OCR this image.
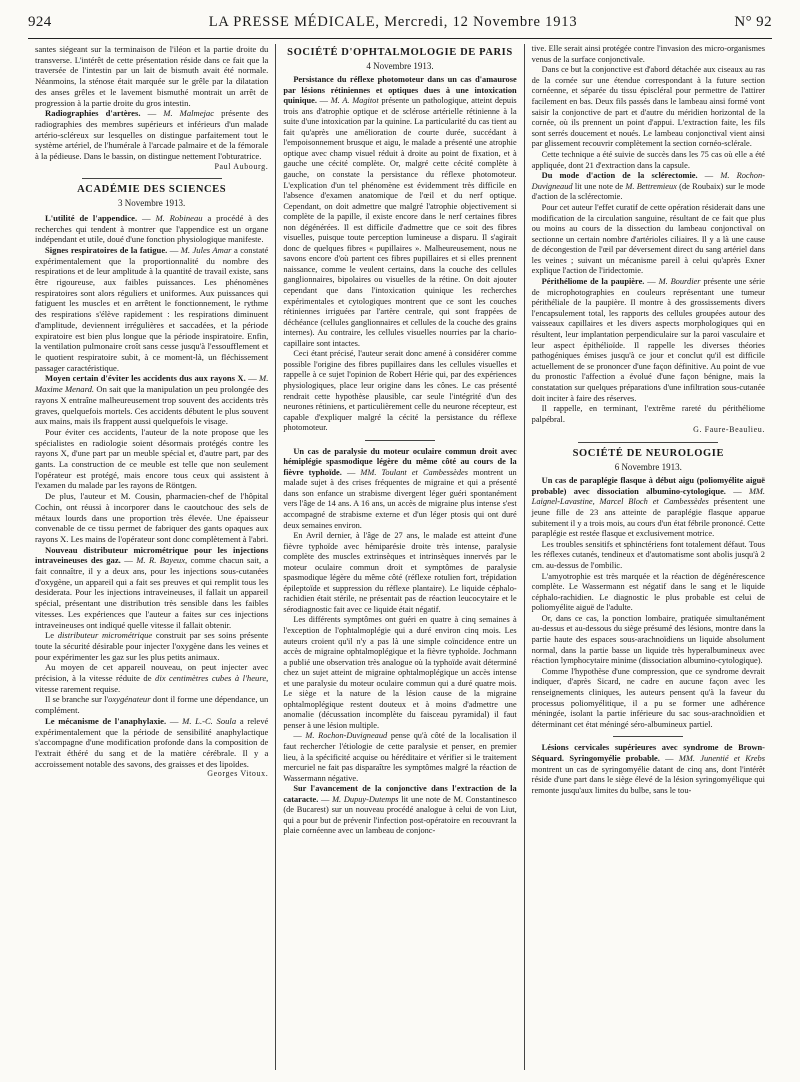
924	LA PRESSE MÉDICALE, Mercredi, 12 Novembre 1913	N° 92

santes siégeant sur la terminaison de l'iléon et la partie droite du transverse. L'intérêt de cette présentation réside dans ce fait que la traversée de l'intestin par un lait de bismuth avait été normale. Néanmoins, la sténose était marquée sur le grêle par la dilatation des anses grêles et le lavement bismuthé montrait un arrêt de progression à la partie droite du gros intestin.

Radiographies d'artères. — M. Malmejac présente des radiographies des membres supérieurs et inférieurs d'un malade artério-scléreux sur lesquelles on distingue parfaitement tout le système artériel, de l'humérale à l'arcade palmaire et de la fémorale à la pédieuse. Dans le bassin, on distingue nettement l'obturatrice.

Paul Aubourg.

ACADÉMIE DES SCIENCES
3 Novembre 1913.

L'utilité de l'appendice. — M. Robineau a procédé à des recherches qui tendent à montrer que l'appendice est un organe indépendant et utile, doué d'une fonction physiologique manifeste.

Signes respiratoires de la fatigue. — M. Jules Amar a constaté expérimentalement que la proportionnalité du nombre des respirations et de leur amplitude à la quantité de travail existe, sans être rigoureuse, aux faibles puissances. Les phénomènes respiratoires sont alors réguliers et uniformes. Aux puissances qui fatiguent les muscles et en arrêtent le fonctionnement, le rythme des respirations s'élève rapidement : les respirations diminuent d'amplitude, deviennent irrégulières et saccadées, et la période expiratoire est bien plus longue que la période inspiratoire. Enfin, la ventilation pulmonaire croît sans cesse jusqu'à l'essoufflement et le quotient respiratoire subit, à ce moment-là, un fléchissement passager caractéristique.

Moyen certain d'éviter les accidents dus aux rayons X. — M. Maxime Menard. On sait que la manipulation un peu prolongée des rayons X entraîne malheureusement trop souvent des accidents très graves, quelquefois mortels. Ces accidents débutent le plus souvent aux mains, mais ils frappent aussi quelquefois le visage.

Pour éviter ces accidents, l'auteur de la note propose que les spécialistes en radiologie soient désormais protégés contre les rayons X, d'une part par un meuble spécial et, d'autre part, par des gants. La construction de ce meuble est telle que non seulement l'opérateur est protégé, mais encore tous ceux qui assistent à l'examen du malade par les rayons de Röntgen.

De plus, l'auteur et M. Cousin, pharmacien-chef de l'hôpital Cochin, ont réussi à incorporer dans le caoutchouc des sels de métaux lourds dans une proportion très élevée. Une épaisseur convenable de ce tissu permet de fabriquer des gants opaques aux rayons X. Les mains de l'opérateur sont donc complètement à l'abri.

Nouveau distributeur micrométrique pour les injections intraveineuses des gaz. — M. R. Bayeux, comme chacun sait, a fait connaître, il y a deux ans, pour les injections sous-cutanées d'oxygène, un appareil qui a fait ses preuves et qui remplit tous les desiderata. Pour les injections intraveineuses, il fallait un appareil spécial, présentant une distribution très sensible dans les faibles vitesses. Les expériences que l'auteur a faites sur ces injections intraveineuses ont indiqué quelle vitesse il fallait obtenir.

Le distributeur micrométrique construit par ses soins présente toute la sécurité désirable pour injecter l'oxygène dans les veines et pour expérimenter les gaz sur les plus petits animaux.

Au moyen de cet appareil nouveau, on peut injecter avec précision, à la vitesse réduite de dix centimètres cubes à l'heure, vitesse rarement requise.

Il se branche sur l'oxygénateur dont il forme une dépendance, un complément.

Le mécanisme de l'anaphylaxie. — M. L.-C. Soula a relevé expérimentalement que la période de sensibilité anaphylactique s'accompagne d'une modification profonde dans la composition de l'extrait éthéré du sang et de la matière cérébrale. Il y a accroissement notable des savons, des graisses et des lipoïdes.

Georges Vitoux.

SOCIÉTÉ D'OPHTALMOLOGIE DE PARIS
4 Novembre 1913.

Persistance du réflexe photomoteur dans un cas d'amaurose par lésions rétiniennes et optiques dues à une intoxication quinique. — M. A. Magitot présente un pathologique, atteint depuis trois ans d'atrophie optique et de sclérose artérielle rétinienne à la suite d'une intoxication par la quinine. La particularité du cas tient au fait qu'après une amélioration de courte durée, succédant à l'empoisonnement brusque et aigu, le malade a présenté une atrophie optique avec champ visuel réduit à droite au point de fixation, et à gauche une cécité complète. Or, malgré cette cécité complète à gauche, on constate la persistance du réflexe photomoteur. L'explication d'un tel phénomène est évidemment très difficile en l'absence d'examen anatomique de l'œil et du nerf optique. Cependant, on doit admettre que malgré l'atrophie objectivement si complète de la papille, il existe encore dans le nerf certaines fibres non dégénérées. Il est difficile d'admettre que ce soit des fibres visuelles, puisque toute perception lumineuse a disparu. Il s'agirait donc de quelques fibres « pupillaires ». Malheureusement, nous ne savons encore d'où partent ces fibres pupillaires et si elles prennent naissance, comme le veulent certains, dans la couche des cellules ganglionnaires, bipolaires ou visuelles de la rétine. On doit ajouter cependant que dans l'intoxication quinique les recherches expérimentales et cytologiques montrent que ce sont les couches rétiniennes irriguées par l'artère centrale, qui sont frappées de déchéance (cellules ganglionnaires et cellules de la couche des grains internes). Au contraire, les cellules visuelles nourries par la chario-capillaire sont intactes.

Ceci étant précisé, l'auteur serait donc amené à considérer comme possible l'origine des fibres pupillaires dans les cellules visuelles et rappelle à ce sujet l'opinion de Robert Hérie qui, par des expériences physiologiques, place leur origine dans les cônes. Le cas présenté rendrait cette hypothèse plausible, car seule l'intégrité d'un des neurones rétiniens, et particulièrement celle du neurone récepteur, est capable d'expliquer malgré la cécité la persistance du réflexe photomoteur.

Un cas de paralysie du moteur oculaire commun droit avec hémiplégie spasmodique légère du même côté au cours de la fièvre typhoïde. — MM. Toulant et Cambessèdes montrent un malade sujet à des crises fréquentes de migraine et qui a présenté dans son enfance un strabisme divergent léger guéri spontanément vers l'âge de 14 ans. A 16 ans, un accès de migraine plus intense s'est accompagné de strabisme externe et d'un léger ptosis qui ont duré deux semaines environ.

En Avril dernier, à l'âge de 27 ans, le malade est atteint d'une fièvre typhoïde avec hémiparésie droite très intense, paralysie complète des muscles extrinsèques et intrinsèques innervés par le moteur oculaire commun droit et symptômes de paralysie spasmodique légère du même côté (réflexe rotulien fort, trépidation épileptoïde et suppression du réflexe plantaire). Le liquide céphalo-rachidien était stérile, ne présentait pas de réaction leucocytaire et le sérodiagnostic fait avec ce liquide était négatif.

Les différents symptômes ont guéri en quatre à cinq semaines à l'exception de l'ophtalmoplégie qui a duré environ cinq mois. Les auteurs croient qu'il n'y a pas là une simple coïncidence entre un accès de migraine ophtalmoplégique et la fièvre typhoïde. Jochmann a publié une observation très analogue où la typhoïde avait déterminé chez un sujet atteint de migraine ophtalmoplégique un accès intense et une paralysie du moteur oculaire commun qui a duré quatre mois. Le siège et la nature de la lésion cause de la migraine ophtalmoplégique restent douteux et à moins d'admettre une anomalie (décussation incomplète du faisceau pyramidal) il faut penser à une lésion multiple.

— M. Rochon-Duvigneaud pense qu'à côté de la localisation il faut rechercher l'étiologie de cette paralysie et penser, en premier lieu, à la spécificité acquise ou héréditaire et vérifier si le traitement mercuriel ne fait pas disparaître les symptômes malgré la réaction de Wassermann négative.

Sur l'avancement de la conjonctive dans l'extraction de la cataracte. — M. Dupuy-Dutemps lit une note de M. Constantinesco (de Bucarest) sur un nouveau procédé analogue à celui de von Liut, qui a pour but de prévenir l'infection post-opératoire en recouvrant la plaie cornéenne avec un lambeau de conjonc-

tive. Elle serait ainsi protégée contre l'invasion des micro-organismes venus de la surface conjonctivale.

Dans ce but la conjonctive est d'abord détachée aux ciseaux au ras de la cornée sur une étendue correspondant à la future section cornéenne, et séparée du tissu épiscléral pour permettre de l'attirer facilement en bas. Deux fils passés dans le lambeau ainsi formé vont saisir la conjonctive de part et d'autre du méridien horizontal de la cornée, où ils prennent un point d'appui. L'extraction faite, les fils sont serrés doucement et noués. Le lambeau conjonctival vient ainsi par glissement recouvrir complètement la section cornéo-sclérale.

Cette technique a été suivie de succès dans les 75 cas où elle a été appliquée, dont 21 d'extraction dans la capsule.

Du mode d'action de la sclérectomie. — M. Rochon-Duvigneaud lit une note de M. Bettremieux (de Roubaix) sur le mode d'action de la sclérectomie.

Pour cet auteur l'effet curatif de cette opération résiderait dans une modification de la circulation sanguine, résultant de ce fait que plus ou moins au cours de la dissection du lambeau conjonctival on sectionne un certain nombre d'artérioles ciliaires. Il y a là une cause de décongestion de l'œil par déversement direct du sang artériel dans les veines ; suivant un mécanisme pareil à celui qu'après Exner explique l'action de l'iridectomie.

Périthéliome de la paupière. — M. Bourdier présente une série de microphotographies en couleurs représentant une tumeur périthéliale de la paupière. Il montre à des grossissements divers l'encapsulement total, les rapports des cellules groupées autour des vaisseaux capillaires et les divers aspects morphologiques qui en résultent, leur implantation perpendiculaire sur la paroi vasculaire et leur aspect épithélioïde. Il rappelle les diverses théories pathogéniques émises jusqu'à ce jour et conclut qu'il est difficile actuellement de se prononcer d'une façon définitive. Au point de vue du pronostic l'affection a évolué d'une façon bénigne, mais la constatation sur quelques préparations d'une infiltration sous-cutanée doit inciter à faire des réserves.

Il rappelle, en terminant, l'extrême rareté du périthéliome palpébral.

G. Faure-Beaulieu.

SOCIÉTÉ DE NEUROLOGIE
6 Novembre 1913.

Un cas de paraplégie flasque à début aigu (poliomyélite aiguë probable) avec dissociation albumino-cytologique. — MM. Laignel-Lavastine, Marcel Bloch et Cambessèdes présentent une jeune fille de 23 ans atteinte de paraplégie flasque apparue subitement il y a trois mois, au cours d'un état fébrile prononcé. Cette paraplégie est restée flasque et exclusivement motrice.

Les troubles sensitifs et sphinctériens font totalement défaut. Tous les réflexes cutanés, tendineux et d'automatisme sont abolis jusqu'à 2 cm. au-dessus de l'ombilic.

L'amyotrophie est très marquée et la réaction de dégénérescence complète. Le Wassermann est négatif dans le sang et le liquide céphalo-rachidien. Le diagnostic le plus probable est celui de poliomyélite aiguë de l'adulte.

Or, dans ce cas, la ponction lombaire, pratiquée simultanément au-dessus et au-dessous du siège présumé des lésions, montre dans la partie haute des espaces sous-arachnoïdiens un liquide absolument normal, dans la partie basse un liquide très hyperalbumineux avec réaction lymphocytaire minime (dissociation albumino-cytologique).

Comme l'hypothèse d'une compression, que ce syndrome devrait indiquer, d'après Sicard, ne cadre en aucune façon avec les renseignements cliniques, les auteurs pensent qu'à la faveur du processus poliomyélitique, il a pu se former une adhérence méningée, isolant la partie inférieure du sac sous-arachnoïdien et déterminant cet état méningé séro-albumineux partiel.

Lésions cervicales supérieures avec syndrome de Brown-Séquard. Syringomyélie probable. — MM. Junentié et Krebs montrent un cas de syringomyélie datant de cinq ans, dont l'intérêt réside d'une part dans le siège élevé de la lésion syringomyélique qui remonte jusqu'aux limites du bulbe, sans le tou-
